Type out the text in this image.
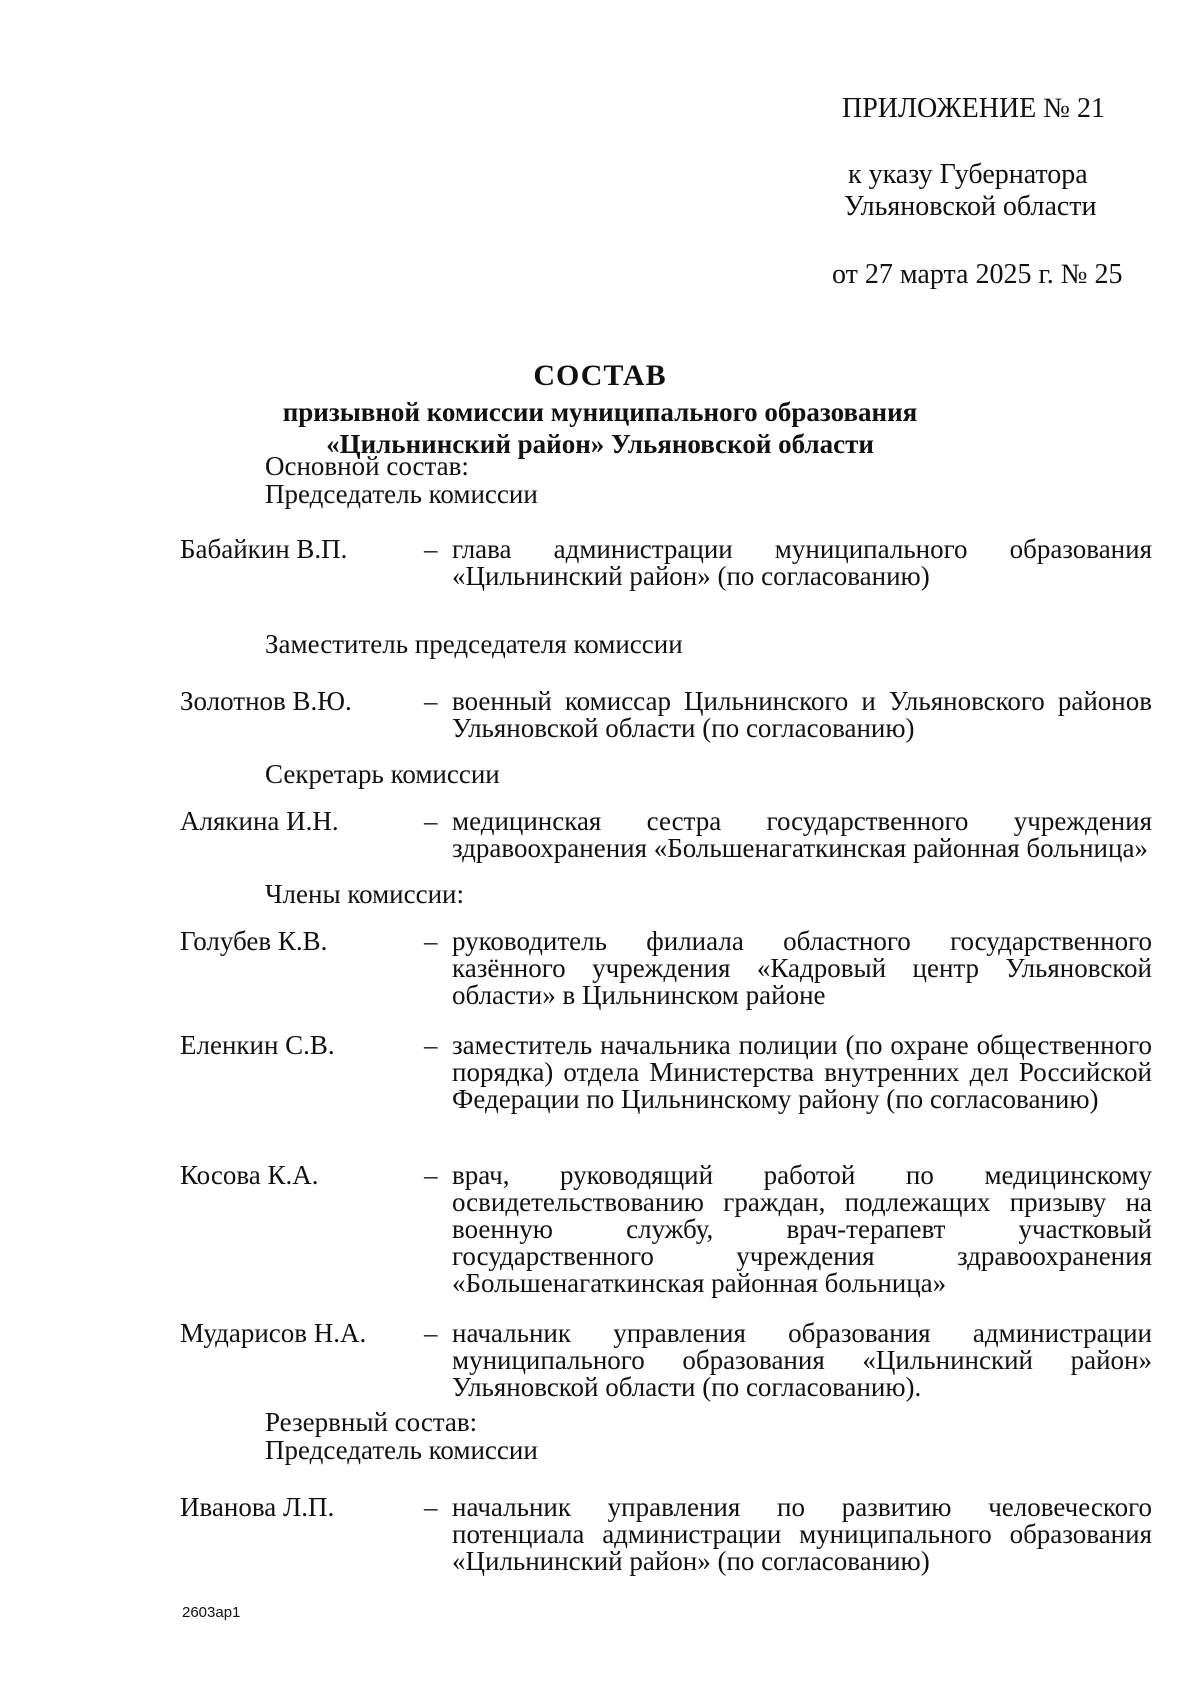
ПРИЛОЖЕНИЕ № 21
к указу Губернатора
Ульяновской области
от 27 марта 2025 г. № 25
СОСТАВ
призывной комиссии муниципального образования
«Цильнинский район» Ульяновской области
Основной состав:
Председатель комиссии
Бабайкин В.П.	– глава администрации муниципального образования «Цильнинский район» (по согласованию)
Заместитель председателя комиссии
Золотнов В.Ю.	– военный комиссар Цильнинского и Ульяновского районов Ульяновской области (по согласованию)
Секретарь комиссии
Алякина И.Н.	– медицинская сестра государственного учреждения здравоохранения «Большенагаткинская районная больница»
Члены комиссии:
Голубев К.В.	– руководитель филиала областного государственного казённого учреждения «Кадровый центр Ульяновской области» в Цильнинском районе
Еленкин С.В.	– заместитель начальника полиции (по охране общественного порядка) отдела Министерства внутренних дел Российской Федерации по Цильнинскому району (по согласованию)
Косова К.А.	– врач, руководящий работой по медицинскому освидетельствованию граждан, подлежащих призыву на военную службу, врач-терапевт участковый государственного учреждения здравоохранения «Большенагаткинская районная больница»
Мударисов Н.А. – начальник управления образования администрации муниципального образования «Цильнинский район» Ульяновской области (по согласованию).
Резервный состав:
Председатель комиссии
Иванова Л.П.	– начальник управления по развитию человеческого потенциала администрации муниципального образования «Цильнинский район» (по согласованию)
2603ap1
